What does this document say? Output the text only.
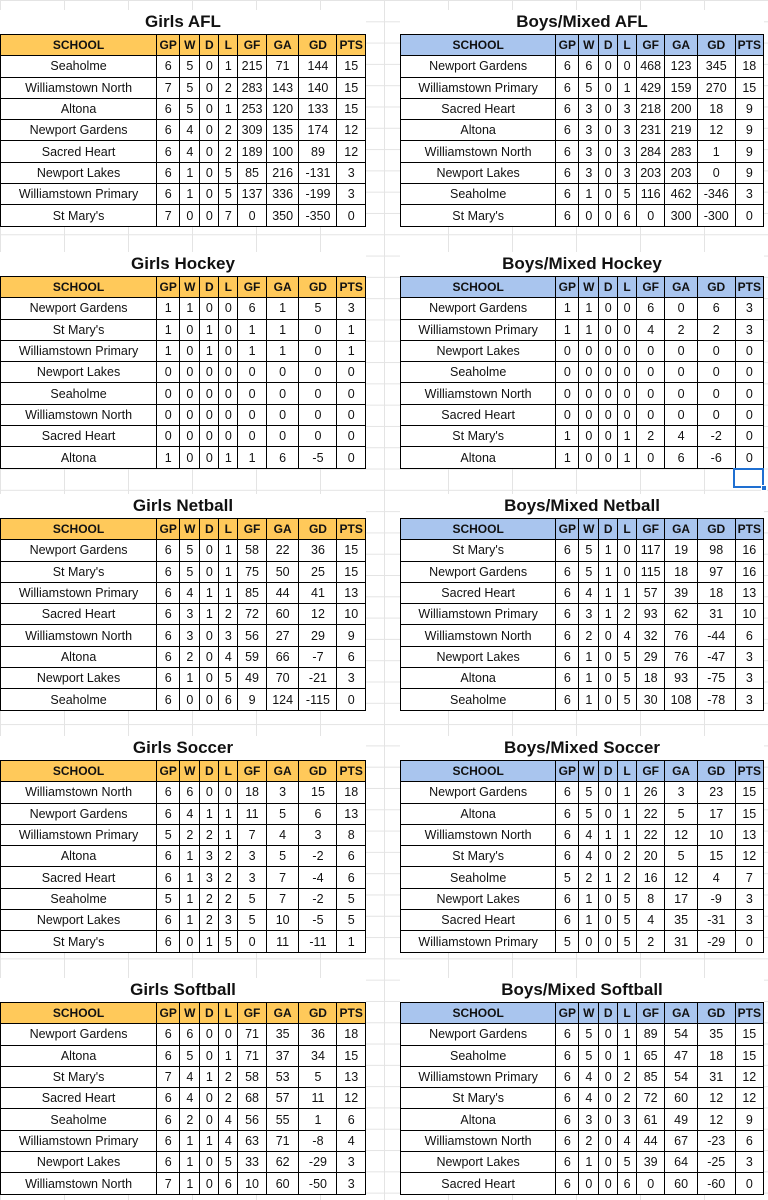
Girls AFL
SCHOOL	GP	W	D	L	GF	GA	GD	PTS
Seaholme	6	5	0	1	215	71	144	15
Williamstown North	7	5	0	2	283	143	140	15
Altona	6	5	0	1	253	120	133	15
Newport Gardens	6	4	0	2	309	135	174	12
Sacred Heart	6	4	0	2	189	100	89	12
Newport Lakes	6	1	0	5	85	216	-131	3
Williamstown Primary	6	1	0	5	137	336	-199	3
St Mary's	7	0	0	7	0	350	-350	0
Boys/Mixed AFL
SCHOOL	GP	W	D	L	GF	GA	GD	PTS
Newport Gardens	6	6	0	0	468	123	345	18
Williamstown Primary	6	5	0	1	429	159	270	15
Sacred Heart	6	3	0	3	218	200	18	9
Altona	6	3	0	3	231	219	12	9
Williamstown North	6	3	0	3	284	283	1	9
Newport Lakes	6	3	0	3	203	203	0	9
Seaholme	6	1	0	5	116	462	-346	3
St Mary's	6	0	0	6	0	300	-300	0
Girls Hockey
SCHOOL	GP	W	D	L	GF	GA	GD	PTS
Newport Gardens	1	1	0	0	6	1	5	3
St Mary's	1	0	1	0	1	1	0	1
Williamstown Primary	1	0	1	0	1	1	0	1
Newport Lakes	0	0	0	0	0	0	0	0
Seaholme	0	0	0	0	0	0	0	0
Williamstown North	0	0	0	0	0	0	0	0
Sacred Heart	0	0	0	0	0	0	0	0
Altona	1	0	0	1	1	6	-5	0
Boys/Mixed Hockey
SCHOOL	GP	W	D	L	GF	GA	GD	PTS
Newport Gardens	1	1	0	0	6	0	6	3
Williamstown Primary	1	1	0	0	4	2	2	3
Newport Lakes	0	0	0	0	0	0	0	0
Seaholme	0	0	0	0	0	0	0	0
Williamstown North	0	0	0	0	0	0	0	0
Sacred Heart	0	0	0	0	0	0	0	0
St Mary's	1	0	0	1	2	4	-2	0
Altona	1	0	0	1	0	6	-6	0
Girls Netball
SCHOOL	GP	W	D	L	GF	GA	GD	PTS
Newport Gardens	6	5	0	1	58	22	36	15
St Mary's	6	5	0	1	75	50	25	15
Williamstown Primary	6	4	1	1	85	44	41	13
Sacred Heart	6	3	1	2	72	60	12	10
Williamstown North	6	3	0	3	56	27	29	9
Altona	6	2	0	4	59	66	-7	6
Newport Lakes	6	1	0	5	49	70	-21	3
Seaholme	6	0	0	6	9	124	-115	0
Boys/Mixed Netball
SCHOOL	GP	W	D	L	GF	GA	GD	PTS
St Mary's	6	5	1	0	117	19	98	16
Newport Gardens	6	5	1	0	115	18	97	16
Sacred Heart	6	4	1	1	57	39	18	13
Williamstown Primary	6	3	1	2	93	62	31	10
Williamstown North	6	2	0	4	32	76	-44	6
Newport Lakes	6	1	0	5	29	76	-47	3
Altona	6	1	0	5	18	93	-75	3
Seaholme	6	1	0	5	30	108	-78	3
Girls Soccer
SCHOOL	GP	W	D	L	GF	GA	GD	PTS
Williamstown North	6	6	0	0	18	3	15	18
Newport Gardens	6	4	1	1	11	5	6	13
Williamstown Primary	5	2	2	1	7	4	3	8
Altona	6	1	3	2	3	5	-2	6
Sacred Heart	6	1	3	2	3	7	-4	6
Seaholme	5	1	2	2	5	7	-2	5
Newport Lakes	6	1	2	3	5	10	-5	5
St Mary's	6	0	1	5	0	11	-11	1
Boys/Mixed Soccer
SCHOOL	GP	W	D	L	GF	GA	GD	PTS
Newport Gardens	6	5	0	1	26	3	23	15
Altona	6	5	0	1	22	5	17	15
Williamstown North	6	4	1	1	22	12	10	13
St Mary's	6	4	0	2	20	5	15	12
Seaholme	5	2	1	2	16	12	4	7
Newport Lakes	6	1	0	5	8	17	-9	3
Sacred Heart	6	1	0	5	4	35	-31	3
Williamstown Primary	5	0	0	5	2	31	-29	0
Girls Softball
SCHOOL	GP	W	D	L	GF	GA	GD	PTS
Newport Gardens	6	6	0	0	71	35	36	18
Altona	6	5	0	1	71	37	34	15
St Mary's	7	4	1	2	58	53	5	13
Sacred Heart	6	4	0	2	68	57	11	12
Seaholme	6	2	0	4	56	55	1	6
Williamstown Primary	6	1	1	4	63	71	-8	4
Newport Lakes	6	1	0	5	33	62	-29	3
Williamstown North	7	1	0	6	10	60	-50	3
Boys/Mixed Softball
SCHOOL	GP	W	D	L	GF	GA	GD	PTS
Newport Gardens	6	5	0	1	89	54	35	15
Seaholme	6	5	0	1	65	47	18	15
Williamstown Primary	6	4	0	2	85	54	31	12
St Mary's	6	4	0	2	72	60	12	12
Altona	6	3	0	3	61	49	12	9
Williamstown North	6	2	0	4	44	67	-23	6
Newport Lakes	6	1	0	5	39	64	-25	3
Sacred Heart	6	0	0	6	0	60	-60	0
